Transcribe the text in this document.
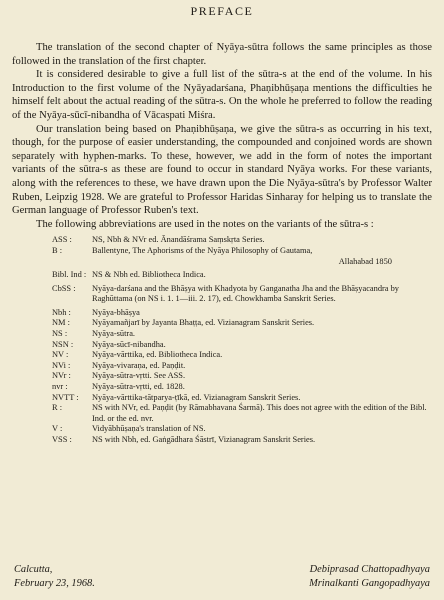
PREFACE

The translation of the second chapter of Nyāya-sūtra follows the same principles as those followed in the translation of the first chapter.

It is considered desirable to give a full list of the sūtra-s at the end of the volume. In his Introduction to the first volume of the Nyāyadarśana, Phaṇibhūṣaṇa mentions the difficulties he himself felt about the actual reading of the sūtra-s. On the whole he preferred to follow the reading of the Nyāya-sūcī-nibandha of Vācaspati Miśra.

Our translation being based on Phaṇibhūṣaṇa, we give the sūtra-s as occurring in his text, though, for the purpose of easier understanding, the compounded and conjoined words are shown separately with hyphen-marks. To these, however, we add in the form of notes the important variants of the sūtra-s as these are found to occur in standard Nyāya works. For these variants, along with the references to these, we have drawn upon the Die Nyāya-sūtra's by Professor Walter Ruben, Leipzig 1928. We are grateful to Professor Haridas Sinharay for helping us to translate the German language of Professor Ruben's text.

The following abbreviations are used in the notes on the variants of the sūtra-s :

ASS :	NS, Nbh & NVr ed. Ānandāśrama Saṃskṛta Series.
B :	Ballentyne, The Aphorisms of the Nyāya Philosophy of Gautama,
Allahabad 1850
Bibl. Ind : NS & Nbh ed. Bibliotheca Indica.
CbSS :	Nyāya-darśana and the Bhāṣya with Khadyota by Ganganatha Jha and the Bhāṣyacandra by Raghūttama (on NS i. 1. 1—iii. 2. 17), ed. Chowkhamba Sanskrit Series.
Nbh :	Nyāya-bhāṣya
NM :	Nyāyamañjarī by Jayanta Bhaṭṭa, ed. Vizianagram Sanskrit Series.
NS :	Nyāya-sūtra.
NSN :	Nyāya-sūcī-nibandha.
NV :	Nyāya-vārttika, ed. Bibliotheca Indica.
NVi :	Nyāya-vivaraṇa, ed. Paṇḍit.
NVr :	Nyāya-sūtra-vṛtti. See ASS.
nvr :	Nyāya-sūtra-vṛtti, ed. 1828.
NVTT :	Nyāya-vārttika-tātparya-ṭīkā, ed. Vizianagram Sanskrit Series.
R :	NS with NVr, ed. Paṇḍit (by Rāmabhavana Śarmā). This does not agree with the edition of the Bibl. Ind. or the ed. nvr.
V :	Vidyābhūṣaṇa's translation of NS.
VSS :	NS with Nbh, ed. Gaṅgādhara Śāstrī, Vizianagram Sanskrit Series.
Calcutta,
February 23, 1968.
Debiprasad Chattopadhyaya
Mrinalkanti Gangopadhyaya
